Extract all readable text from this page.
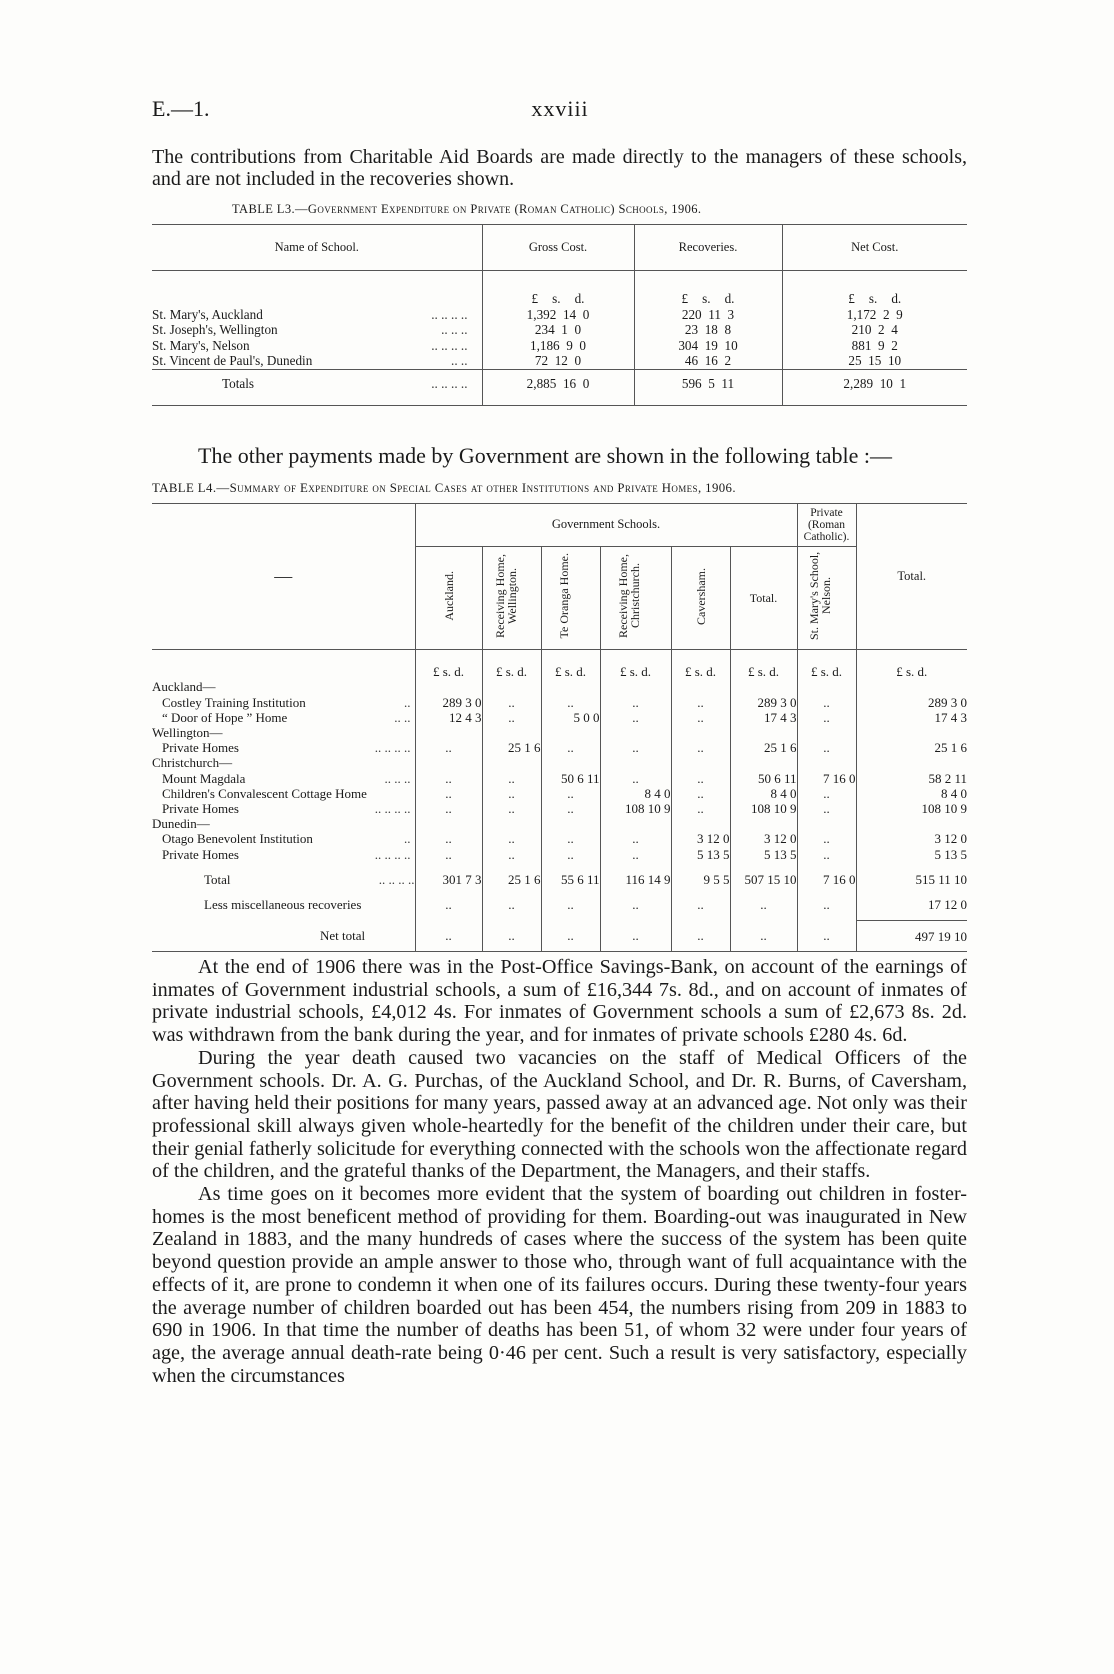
E.—1.	xxviii
The contributions from Charitable Aid Boards are made directly to the managers of these schools, and are not included in the recoveries shown.
TABLE L3.—Government Expenditure on Private (Roman Catholic) Schools, 1906.
Name of School.	Gross Cost.	Recoveries.	Net Cost.

	£ s. d.	£ s. d.	£ s. d.

St. Mary's, Auckland .. .. .. ..	1,392 14 0	220 11 3	1,172 2 9
St. Joseph's, Wellington .. .. ..	234 1 0	23 18 8	210 2 4
St. Mary's, Nelson .. .. .. ..	1,186 9 0	304 19 10	881 9 2
St. Vincent de Paul's, Dunedin .. ..	72 12 0	46 16 2	25 15 10
Totals .. .. .. ..	2,885 16 0	596 5 11	2,289 10 1
The other payments made by Government are shown in the following table :—
TABLE L4.—Summary of Expenditure on Special Cases at other Institutions and Private Homes, 1906.
—	Government Schools.						Private (Roman Catholic).	Total.
	Auckland.	Receiving Home, Wellington.	Te Oranga Home.	Receiving Home, Christchurch.	Caversham.	Total.	St. Mary's School, Nelson.	
	£ s. d.	£ s. d.	£ s. d.	£ s. d.	£ s. d.	£ s. d.	£ s. d.	£ s. d.
Auckland—								
Costley Training Institution ..	289 3 0	..	..	..	..	289 3 0	..	289 3 0
“ Door of Hope ” Home .. ..	12 4 3	..	5 0 0	..	..	17 4 3	..	17 4 3
Wellington—								
Private Homes .. .. .. ..	..	25 1 6	..	..	..	25 1 6	..	25 1 6
Christchurch—								
Mount Magdala .. .. ..	..	..	50 6 11	..	..	50 6 11	7 16 0	58 2 11
Children's Convalescent Cottage Home	..	..	..	8 4 0	..	8 4 0	..	8 4 0
Private Homes .. .. .. ..	..	..	..	108 10 9	..	108 10 9	..	108 10 9
Dunedin—								
Otago Benevolent Institution ..	..	..	..	..	3 12 0	3 12 0	..	3 12 0
Private Homes .. .. .. ..	..	..	..	..	5 13 5	5 13 5	..	5 13 5
Total .. .. .. ..	301 7 3	25 1 6	55 6 11	116 14 9	9 5 5	507 15 10	7 16 0	515 11 10
Less miscellaneous recoveries	..	..	..	..	..	..	..	17 12 0
Net total	..	..	..	..	..	..	..	497 19 10

At the end of 1906 there was in the Post-Office Savings-Bank, on account of the earnings of inmates of Government industrial schools, a sum of £16,344 7s. 8d., and on account of inmates of private industrial schools, £4,012 4s. For inmates of Government schools a sum of £2,673 8s. 2d. was withdrawn from the bank during the year, and for inmates of private schools £280 4s. 6d.

During the year death caused two vacancies on the staff of Medical Officers of the Government schools. Dr. A. G. Purchas, of the Auckland School, and Dr. R. Burns, of Caversham, after having held their positions for many years, passed away at an advanced age. Not only was their professional skill always given whole-heartedly for the benefit of the children under their care, but their genial fatherly solicitude for everything connected with the schools won the affectionate regard of the children, and the grateful thanks of the Department, the Managers, and their staffs.

As time goes on it becomes more evident that the system of boarding out children in foster-homes is the most beneficent method of providing for them. Boarding-out was inaugurated in New Zealand in 1883, and the many hundreds of cases where the success of the system has been quite beyond question provide an ample answer to those who, through want of full acquaintance with the effects of it, are prone to condemn it when one of its failures occurs. During these twenty-four years the average number of children boarded out has been 454, the numbers rising from 209 in 1883 to 690 in 1906. In that time the number of deaths has been 51, of whom 32 were under four years of age, the average annual death-rate being 0·46 per cent. Such a result is very satisfactory, especially when the circumstances
